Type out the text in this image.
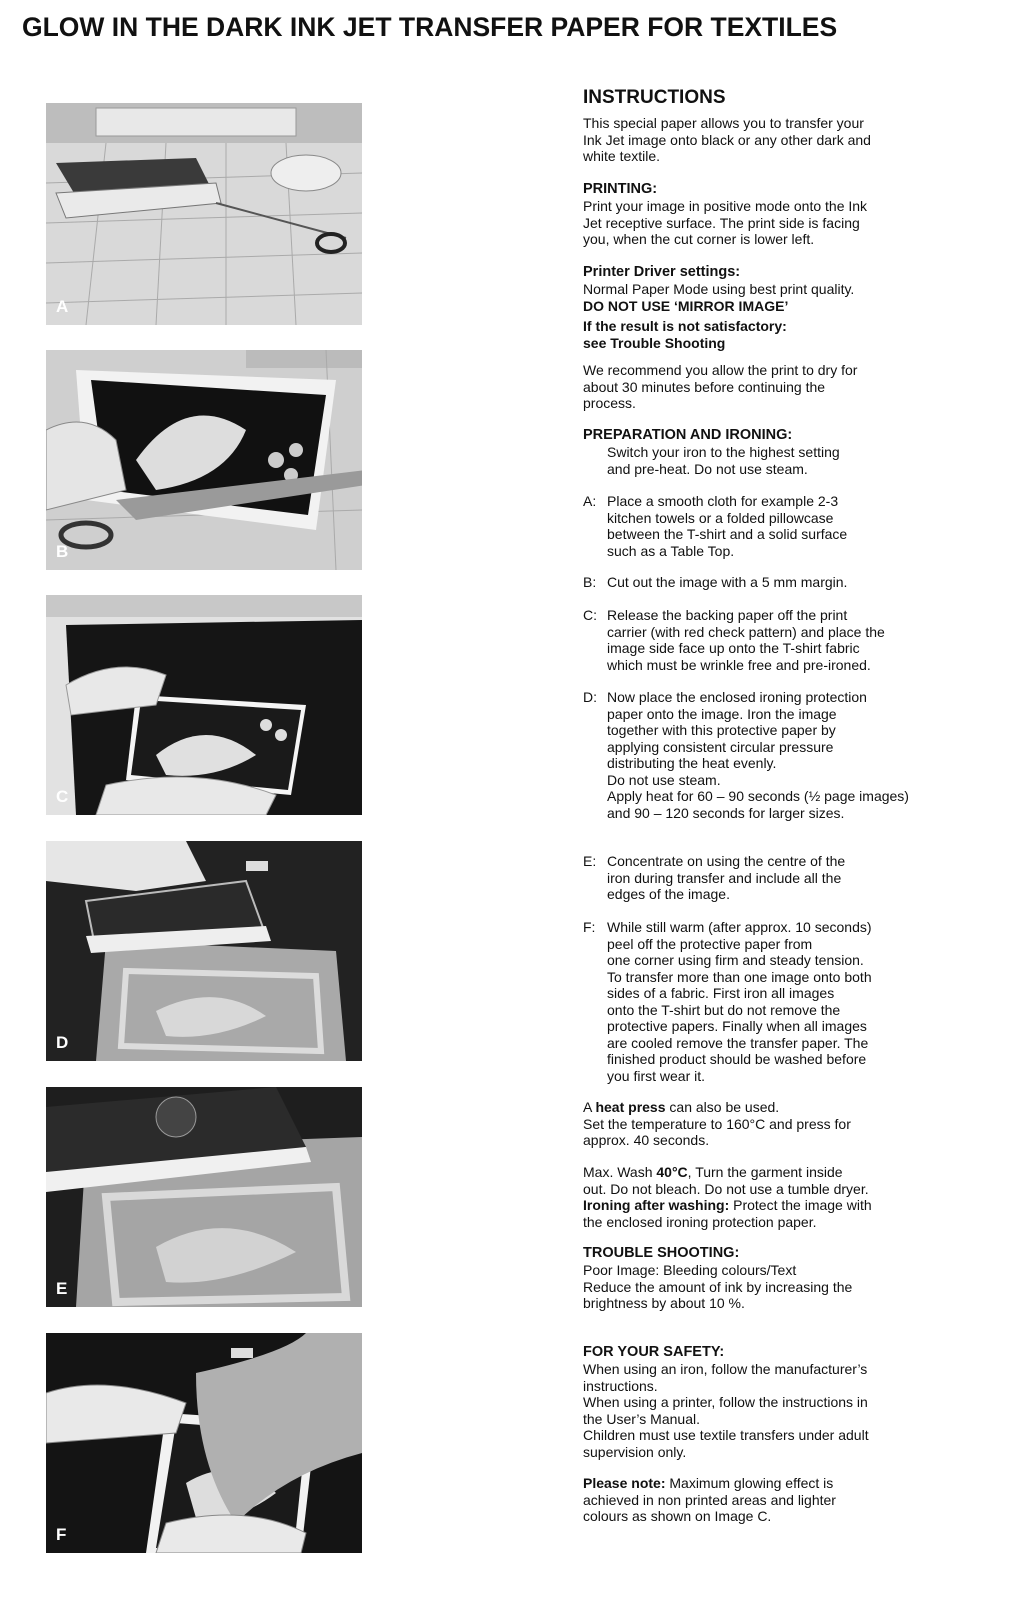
GLOW IN THE DARK INK JET TRANSFER PAPER FOR TEXTILES
A
B
C
D
E
F
INSTRUCTIONS
This special paper allows you to transfer your
Ink Jet image onto black or any other dark and
white textile.
PRINTING:
Print your image in positive mode onto the Ink
Jet receptive surface. The print side is facing
you, when the cut corner is lower left.
Printer Driver settings:
Normal Paper Mode using best print quality.
DO NOT USE ‘MIRROR IMAGE’
If the result is not satisfactory:
see Trouble Shooting
We recommend you allow the print to dry for
about 30 minutes before continuing the
process.
PREPARATION AND IRONING:
Switch your iron to the highest setting
and pre-heat. Do not use steam.
A: Place a smooth cloth for example 2-3
kitchen towels or a folded pillowcase
between the T-shirt and a solid surface
such as a Table Top.
B: Cut out the image with a 5 mm margin.
C: Release the backing paper off the print
carrier (with red check pattern) and place the
image side face up onto the T-shirt fabric
which must be wrinkle free and pre-ironed.
D: Now place the enclosed ironing protection
paper onto the image. Iron the image
together with this protective paper by
applying consistent circular pressure
distributing the heat evenly.
Do not use steam.
Apply heat for 60 – 90 seconds (½ page images)
and 90 – 120 seconds for larger sizes.
E: Concentrate on using the centre of the
iron during transfer and include all the
edges of the image.
F: While still warm (after approx. 10 seconds)
peel off the protective paper from
one corner using firm and steady tension.
To transfer more than one image onto both
sides of a fabric. First iron all images
onto the T-shirt but do not remove the
protective papers. Finally when all images
are cooled remove the transfer paper. The
finished product should be washed before
you first wear it.
A heat press can also be used.
Set the temperature to 160°C and press for
approx. 40 seconds.
Max. Wash 40°C, Turn the garment inside
out. Do not bleach. Do not use a tumble dryer.
Ironing after washing: Protect the image with
the enclosed ironing protection paper.
TROUBLE SHOOTING:
Poor Image: Bleeding colours/Text
Reduce the amount of ink by increasing the
brightness by about 10 %.
FOR YOUR SAFETY:
When using an iron, follow the manufacturer’s
instructions.
When using a printer, follow the instructions in
the User’s Manual.
Children must use textile transfers under adult
supervision only.
Please note: Maximum glowing effect is
achieved in non printed areas and lighter
colours as shown on Image C.
